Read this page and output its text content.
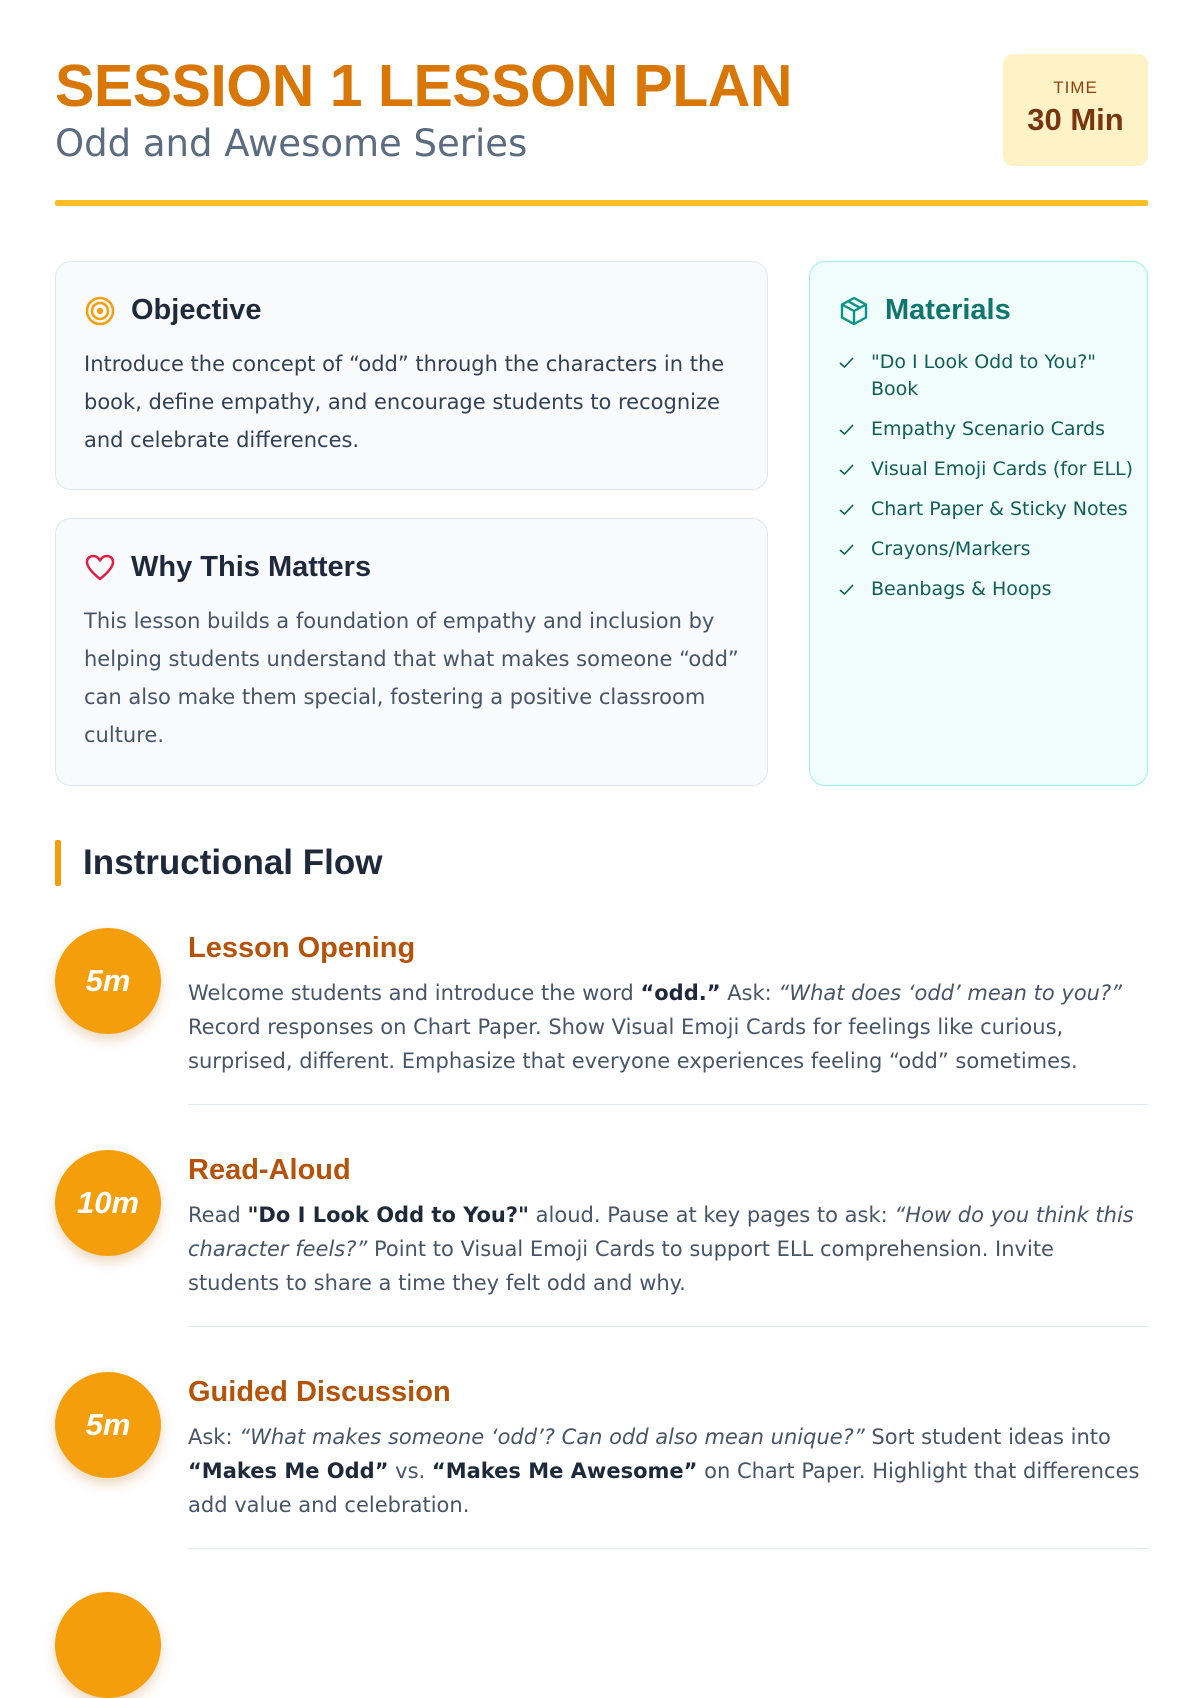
SESSION 1 LESSON PLAN
Odd and Awesome Series
TIME
30 Min
Objective

Introduce the concept of “odd” through the characters in the book, define empathy, and encourage students to recognize and celebrate differences.

Why This Matters

This lesson builds a foundation of empathy and inclusion by helping students understand that what makes someone “odd” can also make them special, fostering a positive classroom culture.

Materials
"Do I Look Odd to You?" Book
Empathy Scenario Cards
Visual Emoji Cards (for ELL)
Chart Paper & Sticky Notes
Crayons/Markers
Beanbags & Hoops
Instructional Flow
5m
Lesson Opening

Welcome students and introduce the word “odd.” Ask: “What does ‘odd’ mean to you?” Record responses on Chart Paper. Show Visual Emoji Cards for feelings like curious, surprised, different. Emphasize that everyone experiences feeling “odd” sometimes.

10m
Read-Aloud

Read "Do I Look Odd to You?" aloud. Pause at key pages to ask: “How do you think this character feels?” Point to Visual Emoji Cards to support ELL comprehension. Invite students to share a time they felt odd and why.

5m
Guided Discussion

Ask: “What makes someone ‘odd’? Can odd also mean unique?” Sort student ideas into “Makes Me Odd” vs. “Makes Me Awesome” on Chart Paper. Highlight that differences add value and celebration.
